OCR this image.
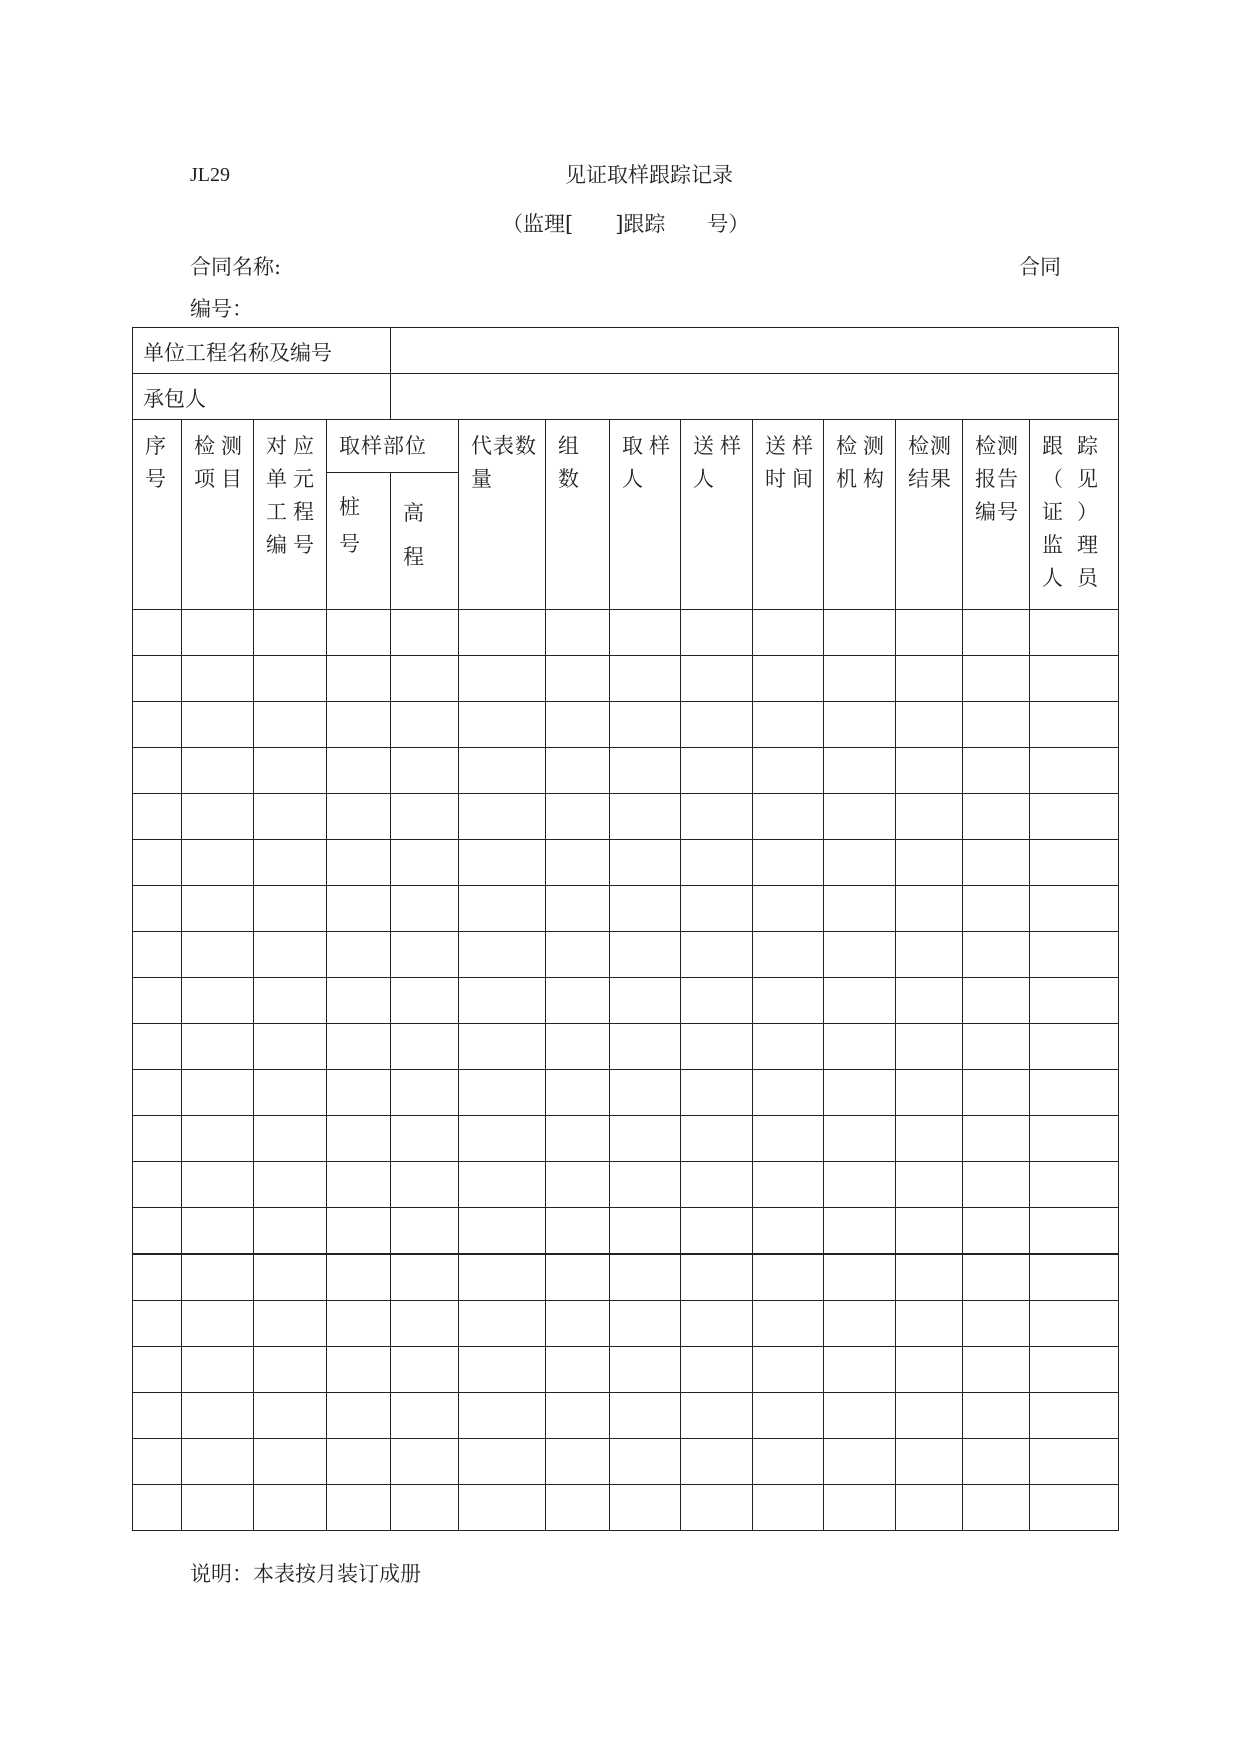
JL29	见证取样跟踪记录
（监理[　　]跟踪　　号）
合同名称:	合同
编号：
单位工程名称及编号													
承包人													
序号	检测项目	对应单元工程编号	取样部位		代表数量	组数	取样人	送样人	送样时间	检测机构	检测结果	检测报告编号	跟踪（见证）监理人员
			桩号	高程									

说明：本表按月装订成册
